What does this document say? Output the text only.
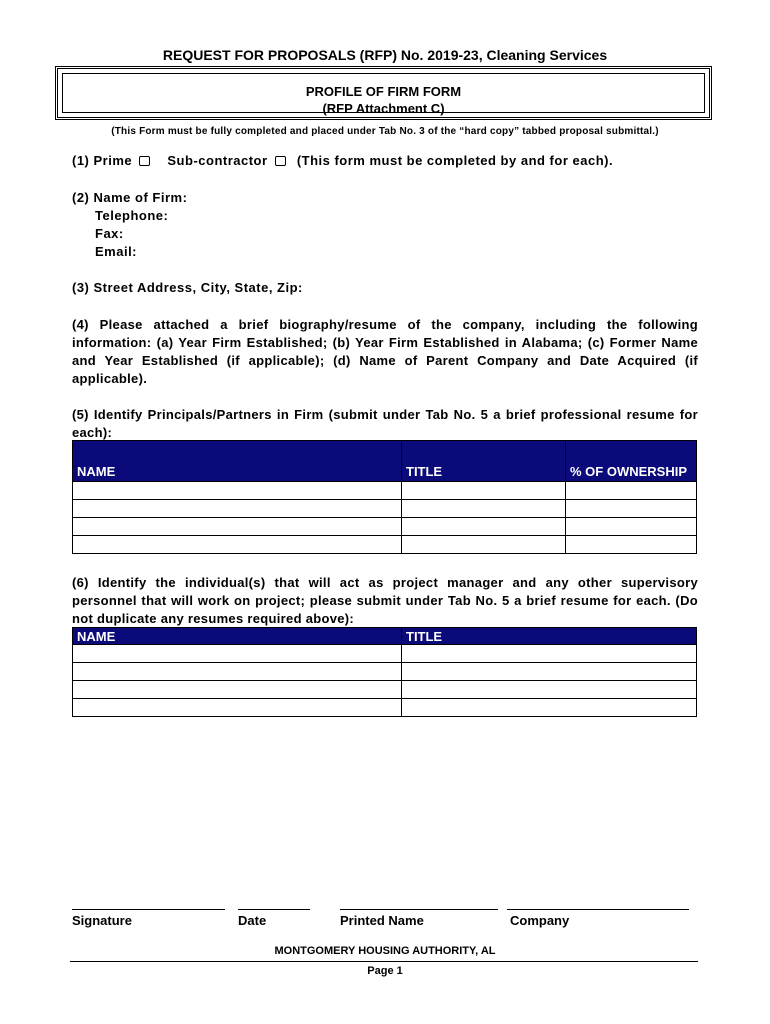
REQUEST FOR PROPOSALS (RFP) No. 2019-23, Cleaning Services
PROFILE OF FIRM FORM
(RFP Attachment C)
(This Form must be fully completed and placed under Tab No. 3 of the “hard copy” tabbed proposal submittal.)
(1) Prime	Sub-contractor (This form must be completed by and for each).
(2) Name of Firm:
Telephone:
Fax:
Email:
(3) Street Address, City, State, Zip:
(4) Please attached a brief biography/resume of the company, including the following information: (a) Year Firm Established; (b) Year Firm Established in Alabama; (c) Former Name and Year Established (if applicable); (d) Name of Parent Company and Date Acquired (if applicable).
(5) Identify Principals/Partners in Firm (submit under Tab No. 5 a brief professional resume for each):
NAME	TITLE	% OF OWNERSHIP

(6) Identify the individual(s) that will act as project manager and any other supervisory personnel that will work on project; please submit under Tab No. 5 a brief resume for each. (Do not duplicate any resumes required above):
NAME	TITLE

Signature	Date	Printed Name	Company
MONTGOMERY HOUSING AUTHORITY, AL
Page 1
